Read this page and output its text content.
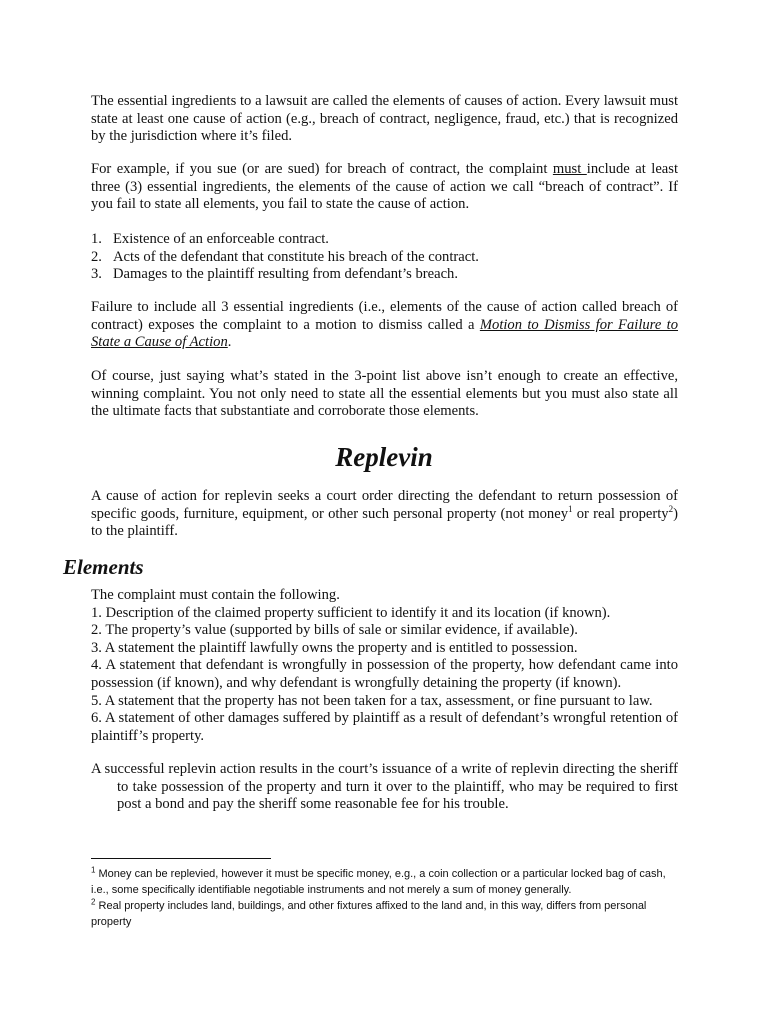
The essential ingredients to a lawsuit are called the elements of causes of action. Every lawsuit must state at least one cause of action (e.g., breach of contract, negligence, fraud, etc.) that is recognized by the jurisdiction where it’s filed.

For example, if you sue (or are sued) for breach of contract, the complaint must include at least three (3) essential ingredients, the elements of the cause of action we call “breach of contract”. If you fail to state all elements, you fail to state the cause of action.

1. Existence of an enforceable contract.
2. Acts of the defendant that constitute his breach of the contract.
3. Damages to the plaintiff resulting from defendant’s breach.

Failure to include all 3 essential ingredients (i.e., elements of the cause of action called breach of contract) exposes the complaint to a motion to dismiss called a Motion to Dismiss for Failure to State a Cause of Action.

Of course, just saying what’s stated in the 3-point list above isn’t enough to create an effective, winning complaint. You not only need to state all the essential elements but you must also state all the ultimate facts that substantiate and corroborate those elements.

Replevin

A cause of action for replevin seeks a court order directing the defendant to return possession of specific goods, furniture, equipment, or other such personal property (not money$^1$ or real property$^2$) to the plaintiff.

Elements

The complaint must contain the following.

1. Description of the claimed property sufficient to identify it and its location (if known).

2. The property’s value (supported by bills of sale or similar evidence, if available).

3. A statement the plaintiff lawfully owns the property and is entitled to possession.

4. A statement that defendant is wrongfully in possession of the property, how defendant came into possession (if known), and why defendant is wrongfully detaining the property (if known).

5. A statement that the property has not been taken for a tax, assessment, or fine pursuant to law.

6. A statement of other damages suffered by plaintiff as a result of defendant’s wrongful retention of plaintiff’s property.

A successful replevin action results in the court’s issuance of a write of replevin directing the sheriff to take possession of the property and turn it over to the plaintiff, who may be required to first post a bond and pay the sheriff some reasonable fee for his trouble.

$^1$ Money can be replevied, however it must be specific money, e.g., a coin collection or a particular locked bag of cash, i.e., some specifically identifiable negotiable instruments and not merely a sum of money generally.

$^2$ Real property includes land, buildings, and other fixtures affixed to the land and, in this way, differs from personal property
